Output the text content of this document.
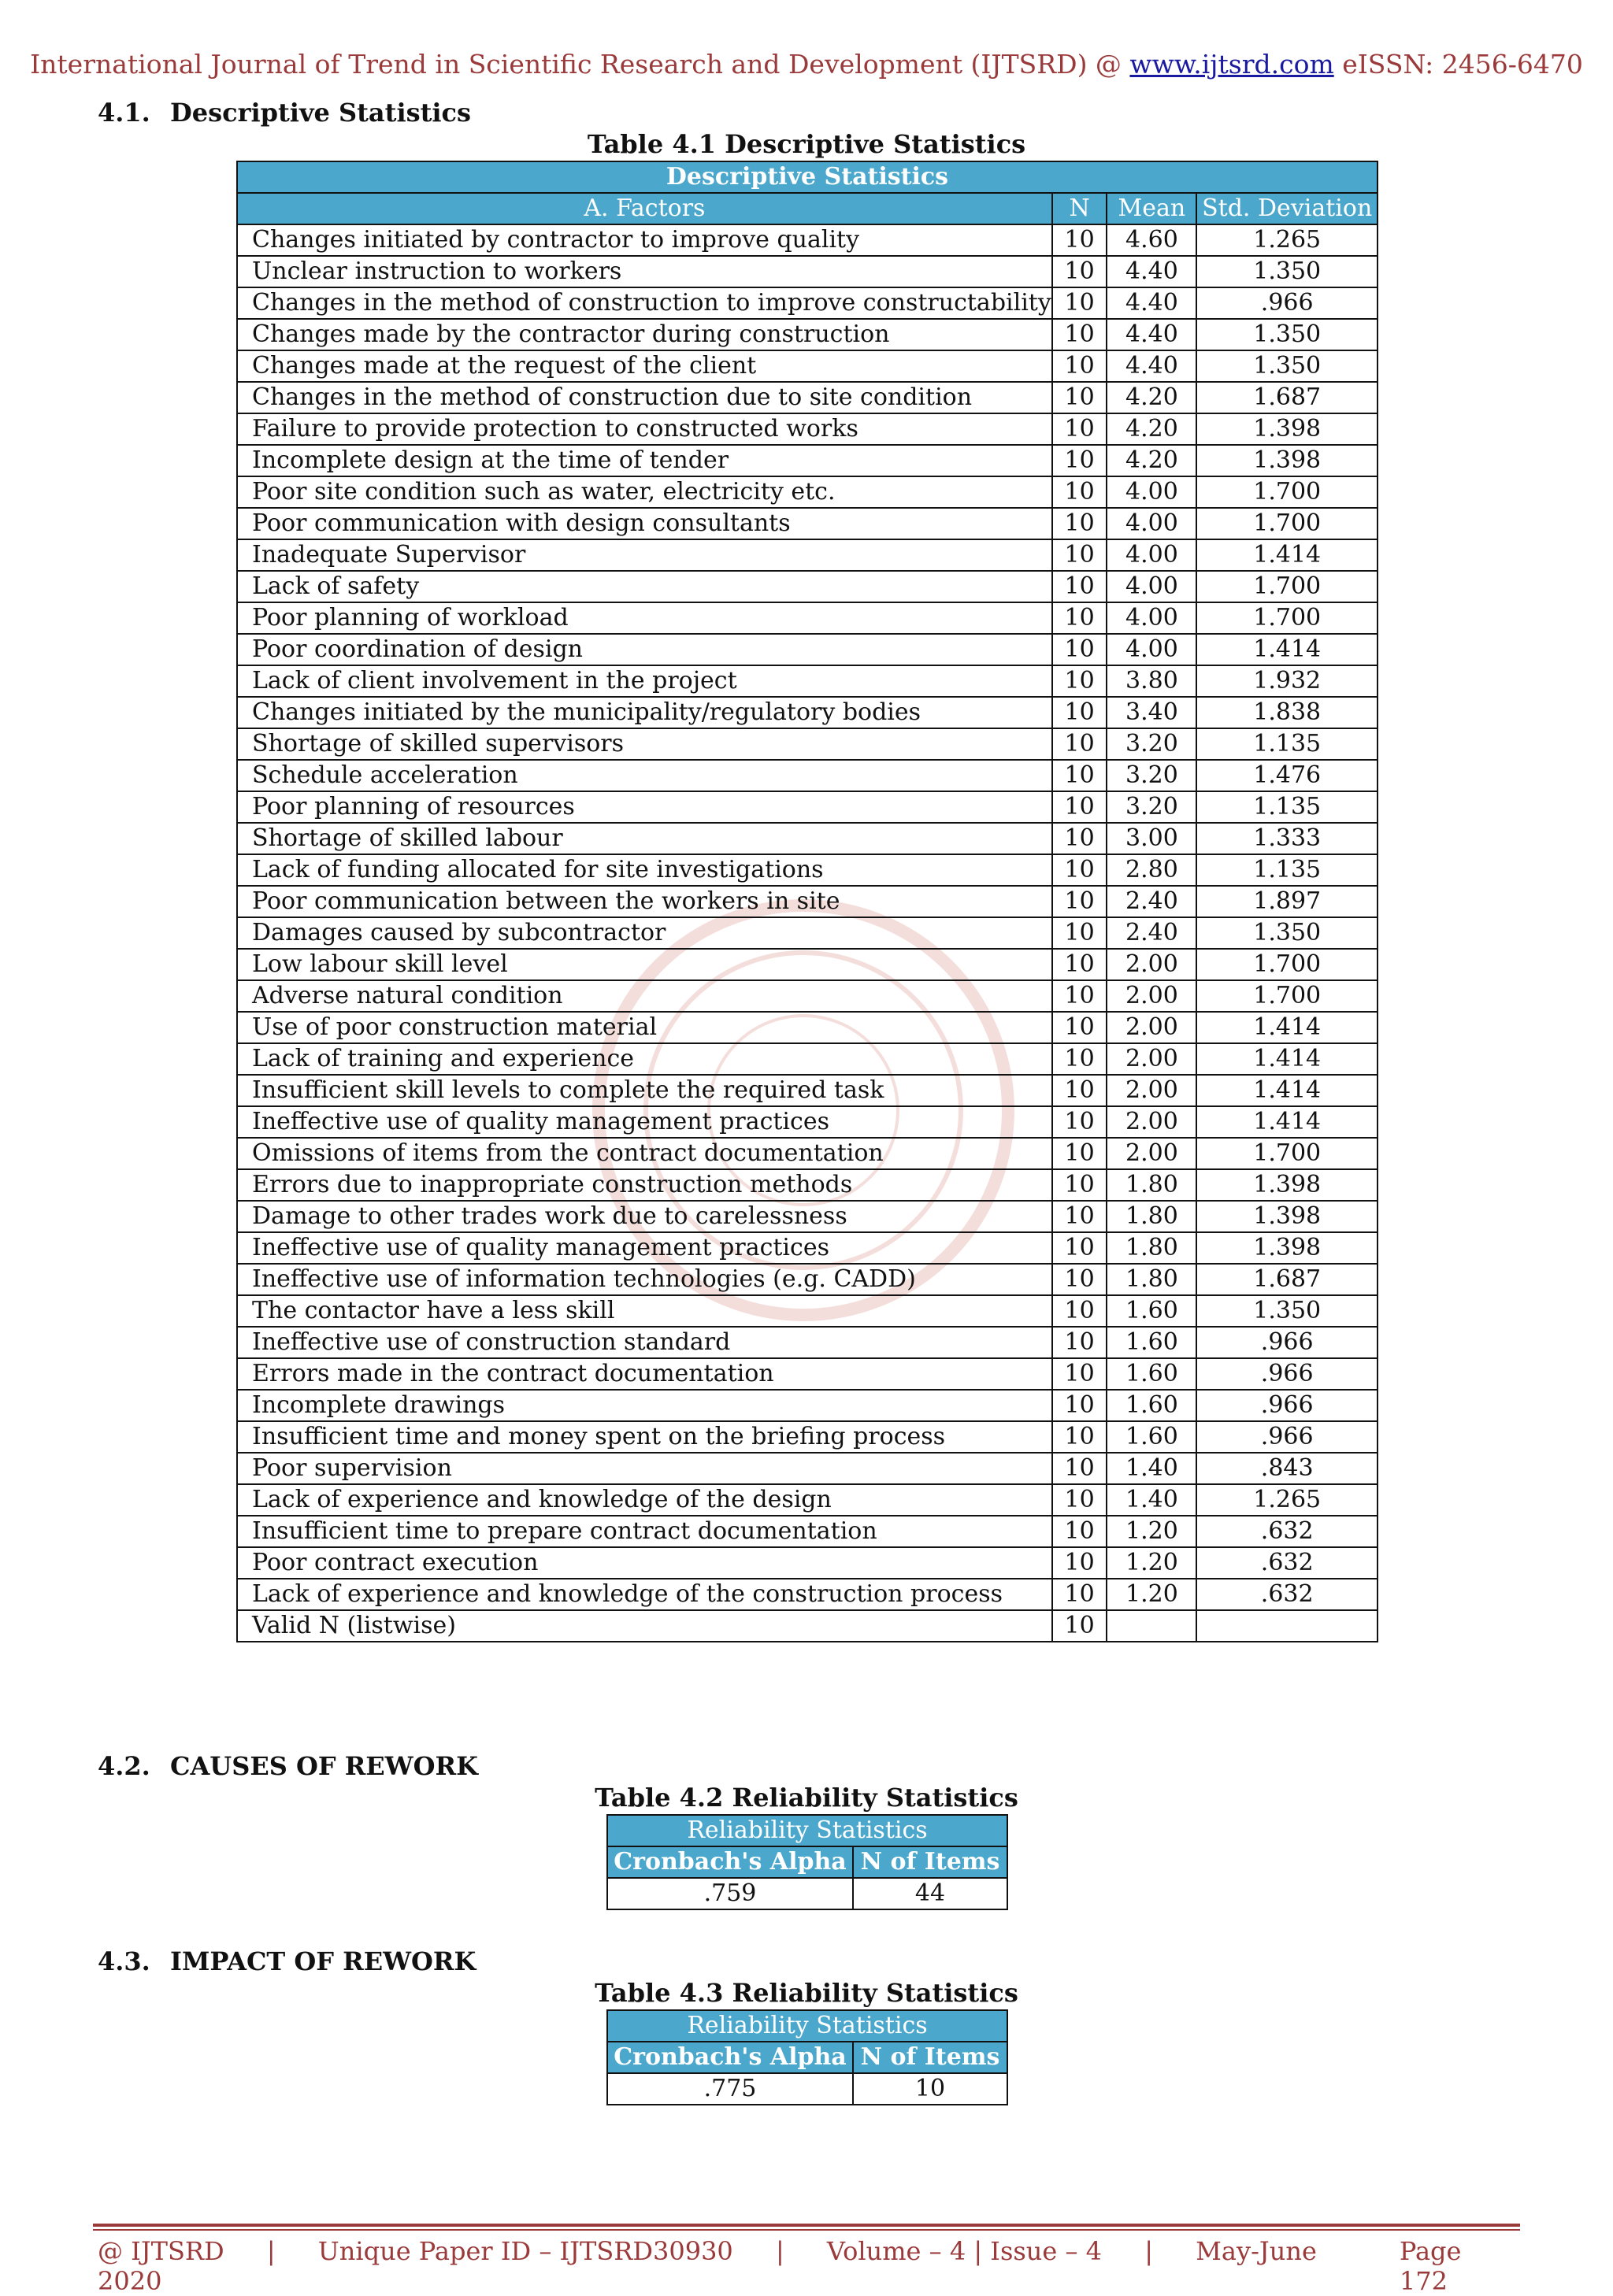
International Journal of Trend in Scientific Research and Development (IJTSRD) @ www.ijtsrd.com eISSN: 2456-6470
4.1. Descriptive Statistics
Table 4.1 Descriptive Statistics
Descriptive Statistics			
A. Factors	N	Mean	Std. Deviation
Changes initiated by contractor to improve quality	10	4.60	1.265
Unclear instruction to workers	10	4.40	1.350
Changes in the method of construction to improve constructability	10	4.40	.966
Changes made by the contractor during construction	10	4.40	1.350
Changes made at the request of the client	10	4.40	1.350
Changes in the method of construction due to site condition	10	4.20	1.687
Failure to provide protection to constructed works	10	4.20	1.398
Incomplete design at the time of tender	10	4.20	1.398
Poor site condition such as water, electricity etc.	10	4.00	1.700
Poor communication with design consultants	10	4.00	1.700
Inadequate Supervisor	10	4.00	1.414
Lack of safety	10	4.00	1.700
Poor planning of workload	10	4.00	1.700
Poor coordination of design	10	4.00	1.414
Lack of client involvement in the project	10	3.80	1.932
Changes initiated by the municipality/regulatory bodies	10	3.40	1.838
Shortage of skilled supervisors	10	3.20	1.135
Schedule acceleration	10	3.20	1.476
Poor planning of resources	10	3.20	1.135
Shortage of skilled labour	10	3.00	1.333
Lack of funding allocated for site investigations	10	2.80	1.135
Poor communication between the workers in site	10	2.40	1.897
Damages caused by subcontractor	10	2.40	1.350
Low labour skill level	10	2.00	1.700
Adverse natural condition	10	2.00	1.700
Use of poor construction material	10	2.00	1.414
Lack of training and experience	10	2.00	1.414
Insufficient skill levels to complete the required task	10	2.00	1.414
Ineffective use of quality management practices	10	2.00	1.414
Omissions of items from the contract documentation	10	2.00	1.700
Errors due to inappropriate construction methods	10	1.80	1.398
Damage to other trades work due to carelessness	10	1.80	1.398
Ineffective use of quality management practices	10	1.80	1.398
Ineffective use of information technologies (e.g. CADD)	10	1.80	1.687
The contactor have a less skill	10	1.60	1.350
Ineffective use of construction standard	10	1.60	.966
Errors made in the contract documentation	10	1.60	.966
Incomplete drawings	10	1.60	.966
Insufficient time and money spent on the briefing process	10	1.60	.966
Poor supervision	10	1.40	.843
Lack of experience and knowledge of the design	10	1.40	1.265
Insufficient time to prepare contract documentation	10	1.20	.632
Poor contract execution	10	1.20	.632
Lack of experience and knowledge of the construction process	10	1.20	.632
Valid N (listwise)	10		
4.2. CAUSES OF REWORK
Table 4.2 Reliability Statistics
Reliability Statistics	
Cronbach's Alpha	N of Items
.759	44
4.3. IMPACT OF REWORK
Table 4.3 Reliability Statistics
Reliability Statistics	
Cronbach's Alpha	N of Items
.775	10
@ IJTSRD | Unique Paper ID – IJTSRD30930 | Volume – 4 | Issue – 4 | May-June 2020
Page 172
